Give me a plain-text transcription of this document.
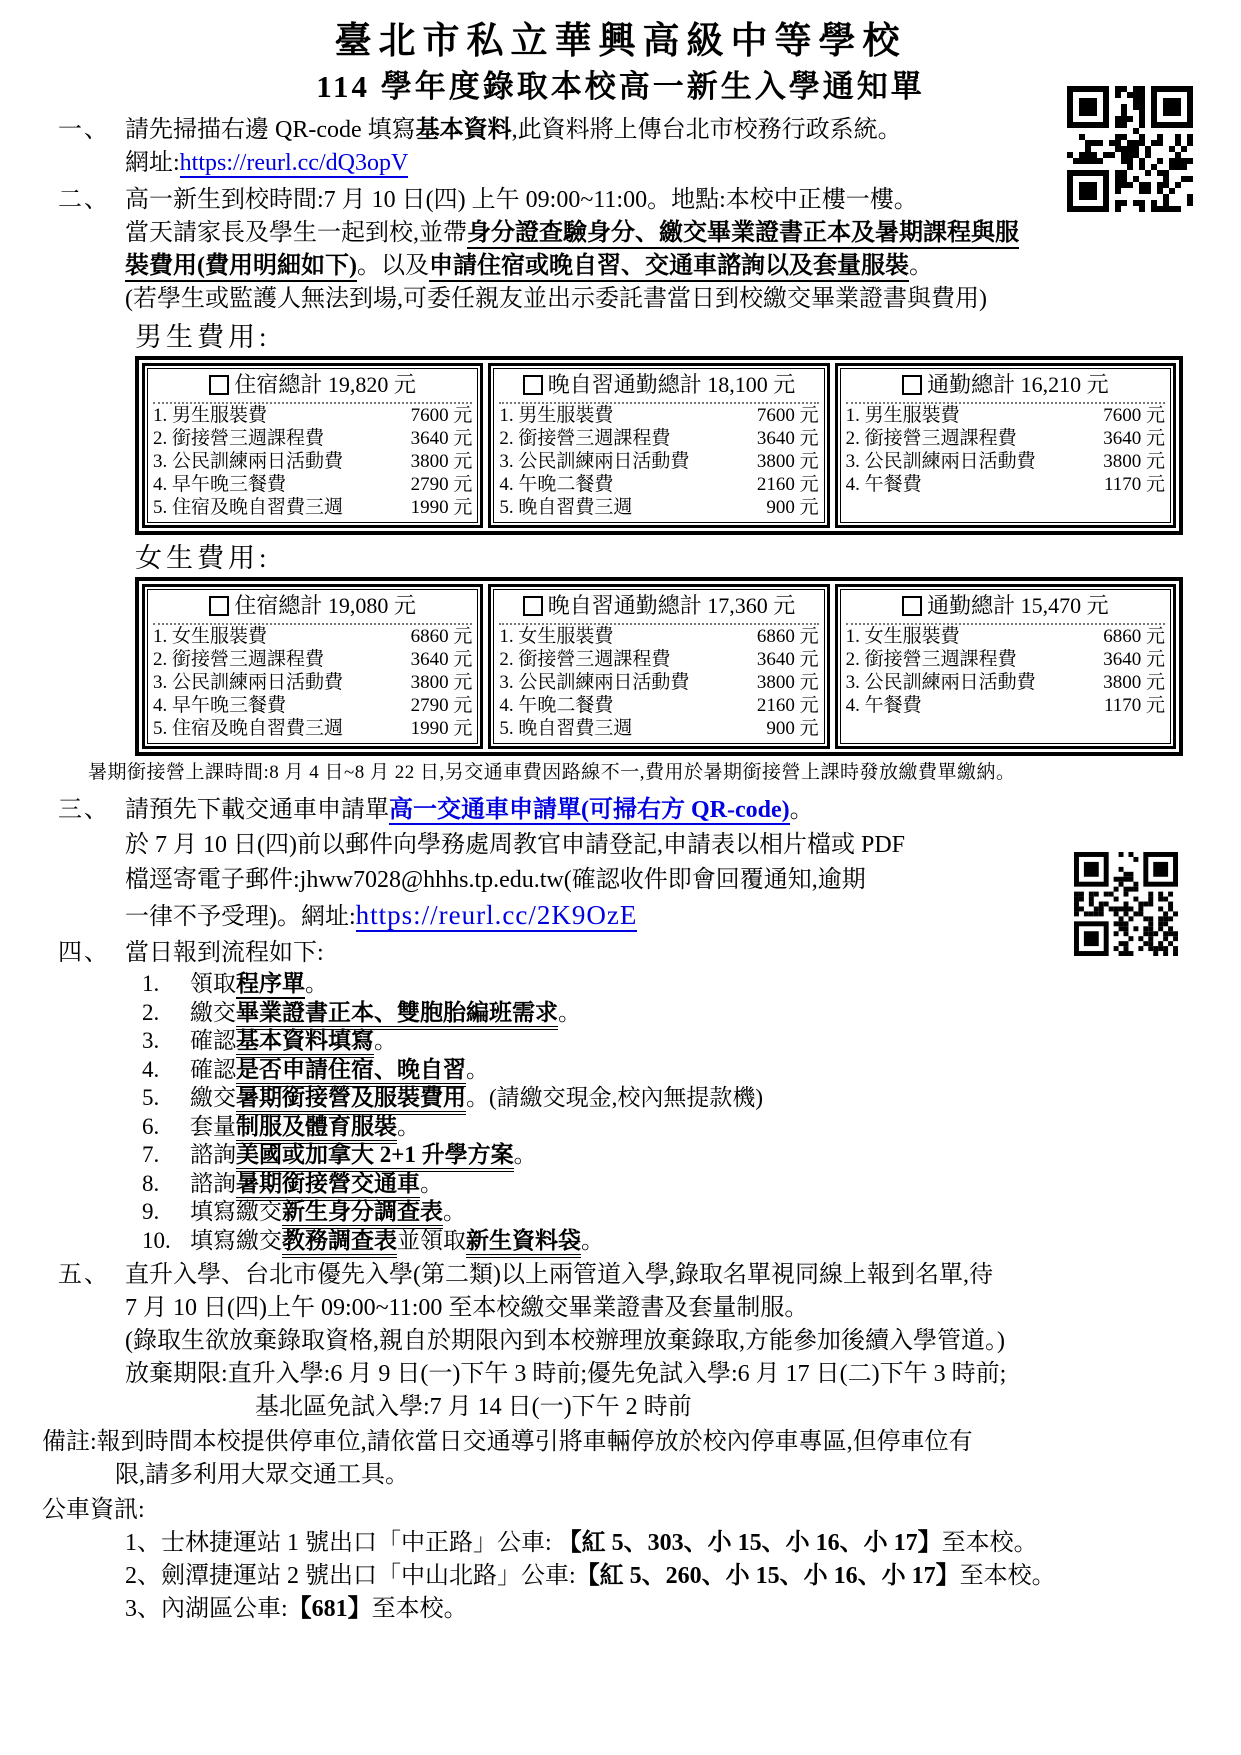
臺北市私立華興高級中等學校
114 學年度錄取本校高一新生入學通知單
一、 請先掃描右邊 QR-code 填寫基本資料,此資料將上傳台北市校務行政系統。
網址:https://reurl.cc/dQ3opV
二、 高一新生到校時間:7 月 10 日(四) 上午 09:00~11:00。地點:本校中正樓一樓。
當天請家長及學生一起到校,並帶身分證查驗身分、繳交畢業證書正本及暑期課程與服
裝費用(費用明細如下)。以及申請住宿或晚自習、交通車諮詢以及套量服裝。
(若學生或監護人無法到場,可委任親友並出示委託書當日到校繳交畢業證書與費用)
男生費用:
住宿總計 19,820 元
1. 男生服裝費	7600 元
2. 銜接營三週課程費	3640 元
3. 公民訓練兩日活動費	3800 元
4. 早午晚三餐費	2790 元
5. 住宿及晚自習費三週	1990 元
晚自習通勤總計 18,100 元
1. 男生服裝費	7600 元
2. 銜接營三週課程費	3640 元
3. 公民訓練兩日活動費	3800 元
4. 午晚二餐費	2160 元
5. 晚自習費三週	900 元
通勤總計 16,210 元
1. 男生服裝費	7600 元
2. 銜接營三週課程費	3640 元
3. 公民訓練兩日活動費	3800 元
4. 午餐費	1170 元
女生費用:
住宿總計 19,080 元
1. 女生服裝費	6860 元
2. 銜接營三週課程費	3640 元
3. 公民訓練兩日活動費	3800 元
4. 早午晚三餐費	2790 元
5. 住宿及晚自習費三週	1990 元
晚自習通勤總計 17,360 元
1. 女生服裝費	6860 元
2. 銜接營三週課程費	3640 元
3. 公民訓練兩日活動費	3800 元
4. 午晚二餐費	2160 元
5. 晚自習費三週	900 元
通勤總計 15,470 元
1. 女生服裝費	6860 元
2. 銜接營三週課程費	3640 元
3. 公民訓練兩日活動費	3800 元
4. 午餐費	1170 元
暑期銜接營上課時間:8 月 4 日~8 月 22 日,另交通車費因路線不一,費用於暑期銜接營上課時發放繳費單繳納。
三、 請預先下載交通車申請單高一交通車申請單(可掃右方 QR-code)。
於 7 月 10 日(四)前以郵件向學務處周教官申請登記,申請表以相片檔或 PDF
檔逕寄電子郵件:jhww7028@hhhs.tp.edu.tw(確認收件即會回覆通知,逾期
一律不予受理)。網址:https://reurl.cc/2K9OzE
四、 當日報到流程如下:
1. 領取程序單。
2. 繳交畢業證書正本、雙胞胎編班需求。
3. 確認基本資料填寫。
4. 確認是否申請住宿、晚自習。
5. 繳交暑期銜接營及服裝費用。(請繳交現金,校內無提款機)
6. 套量制服及體育服裝。
7. 諮詢美國或加拿大 2+1 升學方案。
8. 諮詢暑期銜接營交通車。
9. 填寫繳交新生身分調查表。
10. 填寫繳交教務調查表並領取新生資料袋。
五、 直升入學、台北市優先入學(第二類)以上兩管道入學,錄取名單視同線上報到名單,待
7 月 10 日(四)上午 09:00~11:00 至本校繳交畢業證書及套量制服。
(錄取生欲放棄錄取資格,親自於期限內到本校辦理放棄錄取,方能參加後續入學管道。)
放棄期限:直升入學:6 月 9 日(一)下午 3 時前;優先免試入學:6 月 17 日(二)下午 3 時前;
基北區免試入學:7 月 14 日(一)下午 2 時前
備註:報到時間本校提供停車位,請依當日交通導引將車輛停放於校內停車專區,但停車位有
限,請多利用大眾交通工具。
公車資訊:
1、士林捷運站 1 號出口「中正路」公車: 【紅 5、303、小 15、小 16、小 17】至本校。
2、劍潭捷運站 2 號出口「中山北路」公車:【紅 5、260、小 15、小 16、小 17】至本校。
3、內湖區公車:【681】至本校。
